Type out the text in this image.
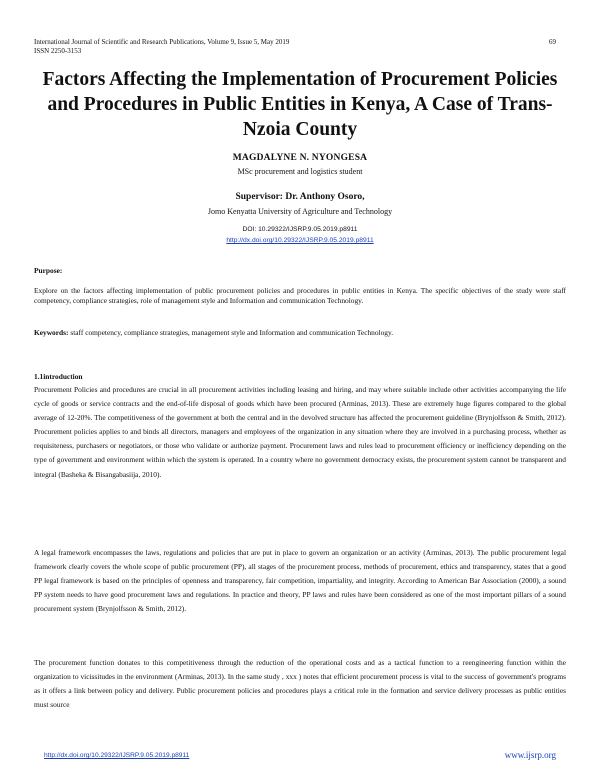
International Journal of Scientific and Research Publications, Volume 9, Issue 5, May 2019
ISSN 2250-3153
69
Factors Affecting the Implementation of Procurement Policies and Procedures in Public Entities in Kenya, A Case of Trans-Nzoia County
MAGDALYNE N. NYONGESA
MSc procurement and logistics student
Supervisor: Dr. Anthony Osoro,
Jomo Kenyatta University of Agriculture and Technology
DOI: 10.29322/IJSRP.9.05.2019.p8911
http://dx.doi.org/10.29322/IJSRP.9.05.2019.p8911
Purpose:
Explore on the factors affecting implementation of public procurement policies and procedures in public entities in Kenya. The specific objectives of the study were staff competency, compliance strategies, role of management style and Information and communication Technology.
Keywords: staff competency, compliance strategies, management style and Information and communication Technology.
1.1introduction
Procurement Policies and procedures are crucial in all procurement activities including leasing and hiring, and may where suitable include other activities accompanying the life cycle of goods or service contracts and the end-of-life disposal of goods which have been procured (Arminas, 2013). These are extremely huge figures compared to the global average of 12-20%. The competitiveness of the government at both the central and in the devolved structure has affected the procurement guideline (Brynjolfsson & Smith, 2012). Procurement policies applies to and binds all directors, managers and employees of the organization in any situation where they are involved in a purchasing process, whether as requisiteness, purchasers or negotiators, or those who validate or authorize payment. Procurement laws and rules lead to procurement efficiency or inefficiency depending on the type of government and environment within which the system is operated. In a country where no government democracy exists, the procurement system cannot be transparent and integral (Basheka & Bisangabasiija, 2010).
A legal framework encompasses the laws, regulations and policies that are put in place to govern an organization or an activity (Arminas, 2013). The public procurement legal framework clearly covers the whole scope of public procurement (PP), all stages of the procurement process, methods of procurement, ethics and transparency, states that a good PP legal framework is based on the principles of openness and transparency, fair competition, impartiality, and integrity. According to American Bar Association (2000), a sound PP system needs to have good procurement laws and regulations. In practice and theory, PP laws and rules have been considered as one of the most important pillars of a sound procurement system (Brynjolfsson & Smith, 2012).
The procurement function donates to this competitiveness through the reduction of the operational costs and as a tactical function to a reengineering function within the organization to vicissitudes in the environment (Arminas, 2013). In the same study , xxx ) notes that efficient procurement process is vital to the success of government's programs as it offers a link between policy and delivery. Public procurement policies and procedures plays a critical role in the formation and service delivery processes as public entities must source
http://dx.doi.org/10.29322/IJSRP.9.05.2019.p8911	www.ijsrp.org
